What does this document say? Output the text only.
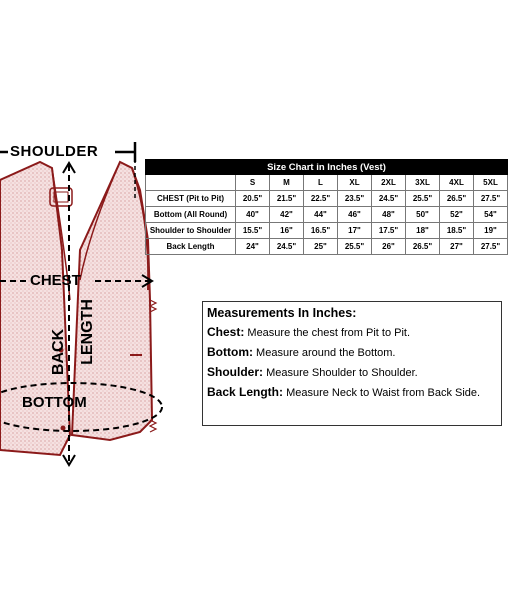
SHOULDER
CHEST
BACK LENGTH
BOTTOM
Size Chart in Inches (Vest)								
	S	M	L	XL	2XL	3XL	4XL	5XL
CHEST (Pit to Pit)	20.5"	21.5"	22.5"	23.5"	24.5"	25.5"	26.5"	27.5"
Bottom (All Round)	40"	42"	44"	46"	48"	50"	52"	54"
Shoulder to Shoulder	15.5"	16"	16.5"	17"	17.5"	18"	18.5"	19"
Back Length	24"	24.5"	25"	25.5"	26"	26.5"	27"	27.5"
Measurements In Inches:
Chest: Measure the chest from Pit to Pit.
Bottom: Measure around the Bottom.
Shoulder: Measure Shoulder to Shoulder.
Back Length: Measure Neck to Waist from Back Side.
